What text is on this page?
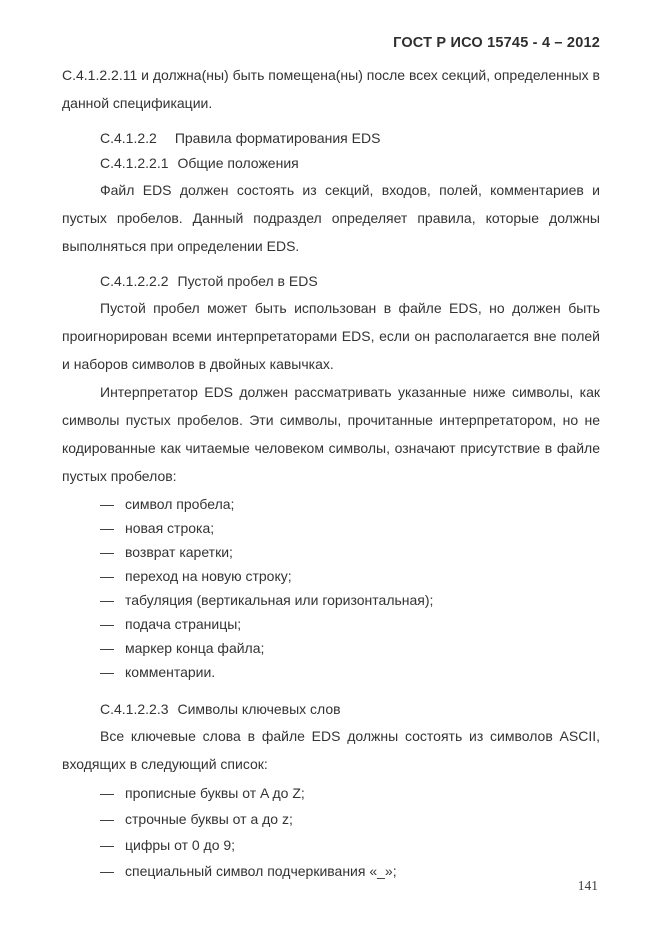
ГОСТ Р ИСО 15745 - 4 – 2012

С.4.1.2.2.11 и должна(ны) быть помещена(ны) после всех секций, определенных в данной спецификации.

С.4.1.2.2 Правила форматирования EDS

С.4.1.2.2.1 Общие положения

Файл EDS должен состоять из секций, входов, полей, комментариев и пустых пробелов. Данный подраздел определяет правила, которые должны выполняться при определении EDS.

С.4.1.2.2.2 Пустой пробел в EDS

Пустой пробел может быть использован в файле EDS, но должен быть проигнорирован всеми интерпретаторами EDS, если он располагается вне полей и наборов символов в двойных кавычках.

Интерпретатор EDS должен рассматривать указанные ниже символы, как символы пустых пробелов. Эти символы, прочитанные интерпретатором, но не кодированные как читаемые человеком символы, означают присутствие в файле пустых пробелов:

— символ пробела;
— новая строка;
— возврат каретки;
— переход на новую строку;
— табуляция (вертикальная или горизонтальная);
— подача страницы;
— маркер конца файла;
— комментарии.

С.4.1.2.2.3 Символы ключевых слов

Все ключевые слова в файле EDS должны состоять из символов ASCII, входящих в следующий список:

— прописные буквы от A до Z;
— строчные буквы от a до z;
— цифры от 0 до 9;
— специальный символ подчеркивания «_»;
141
